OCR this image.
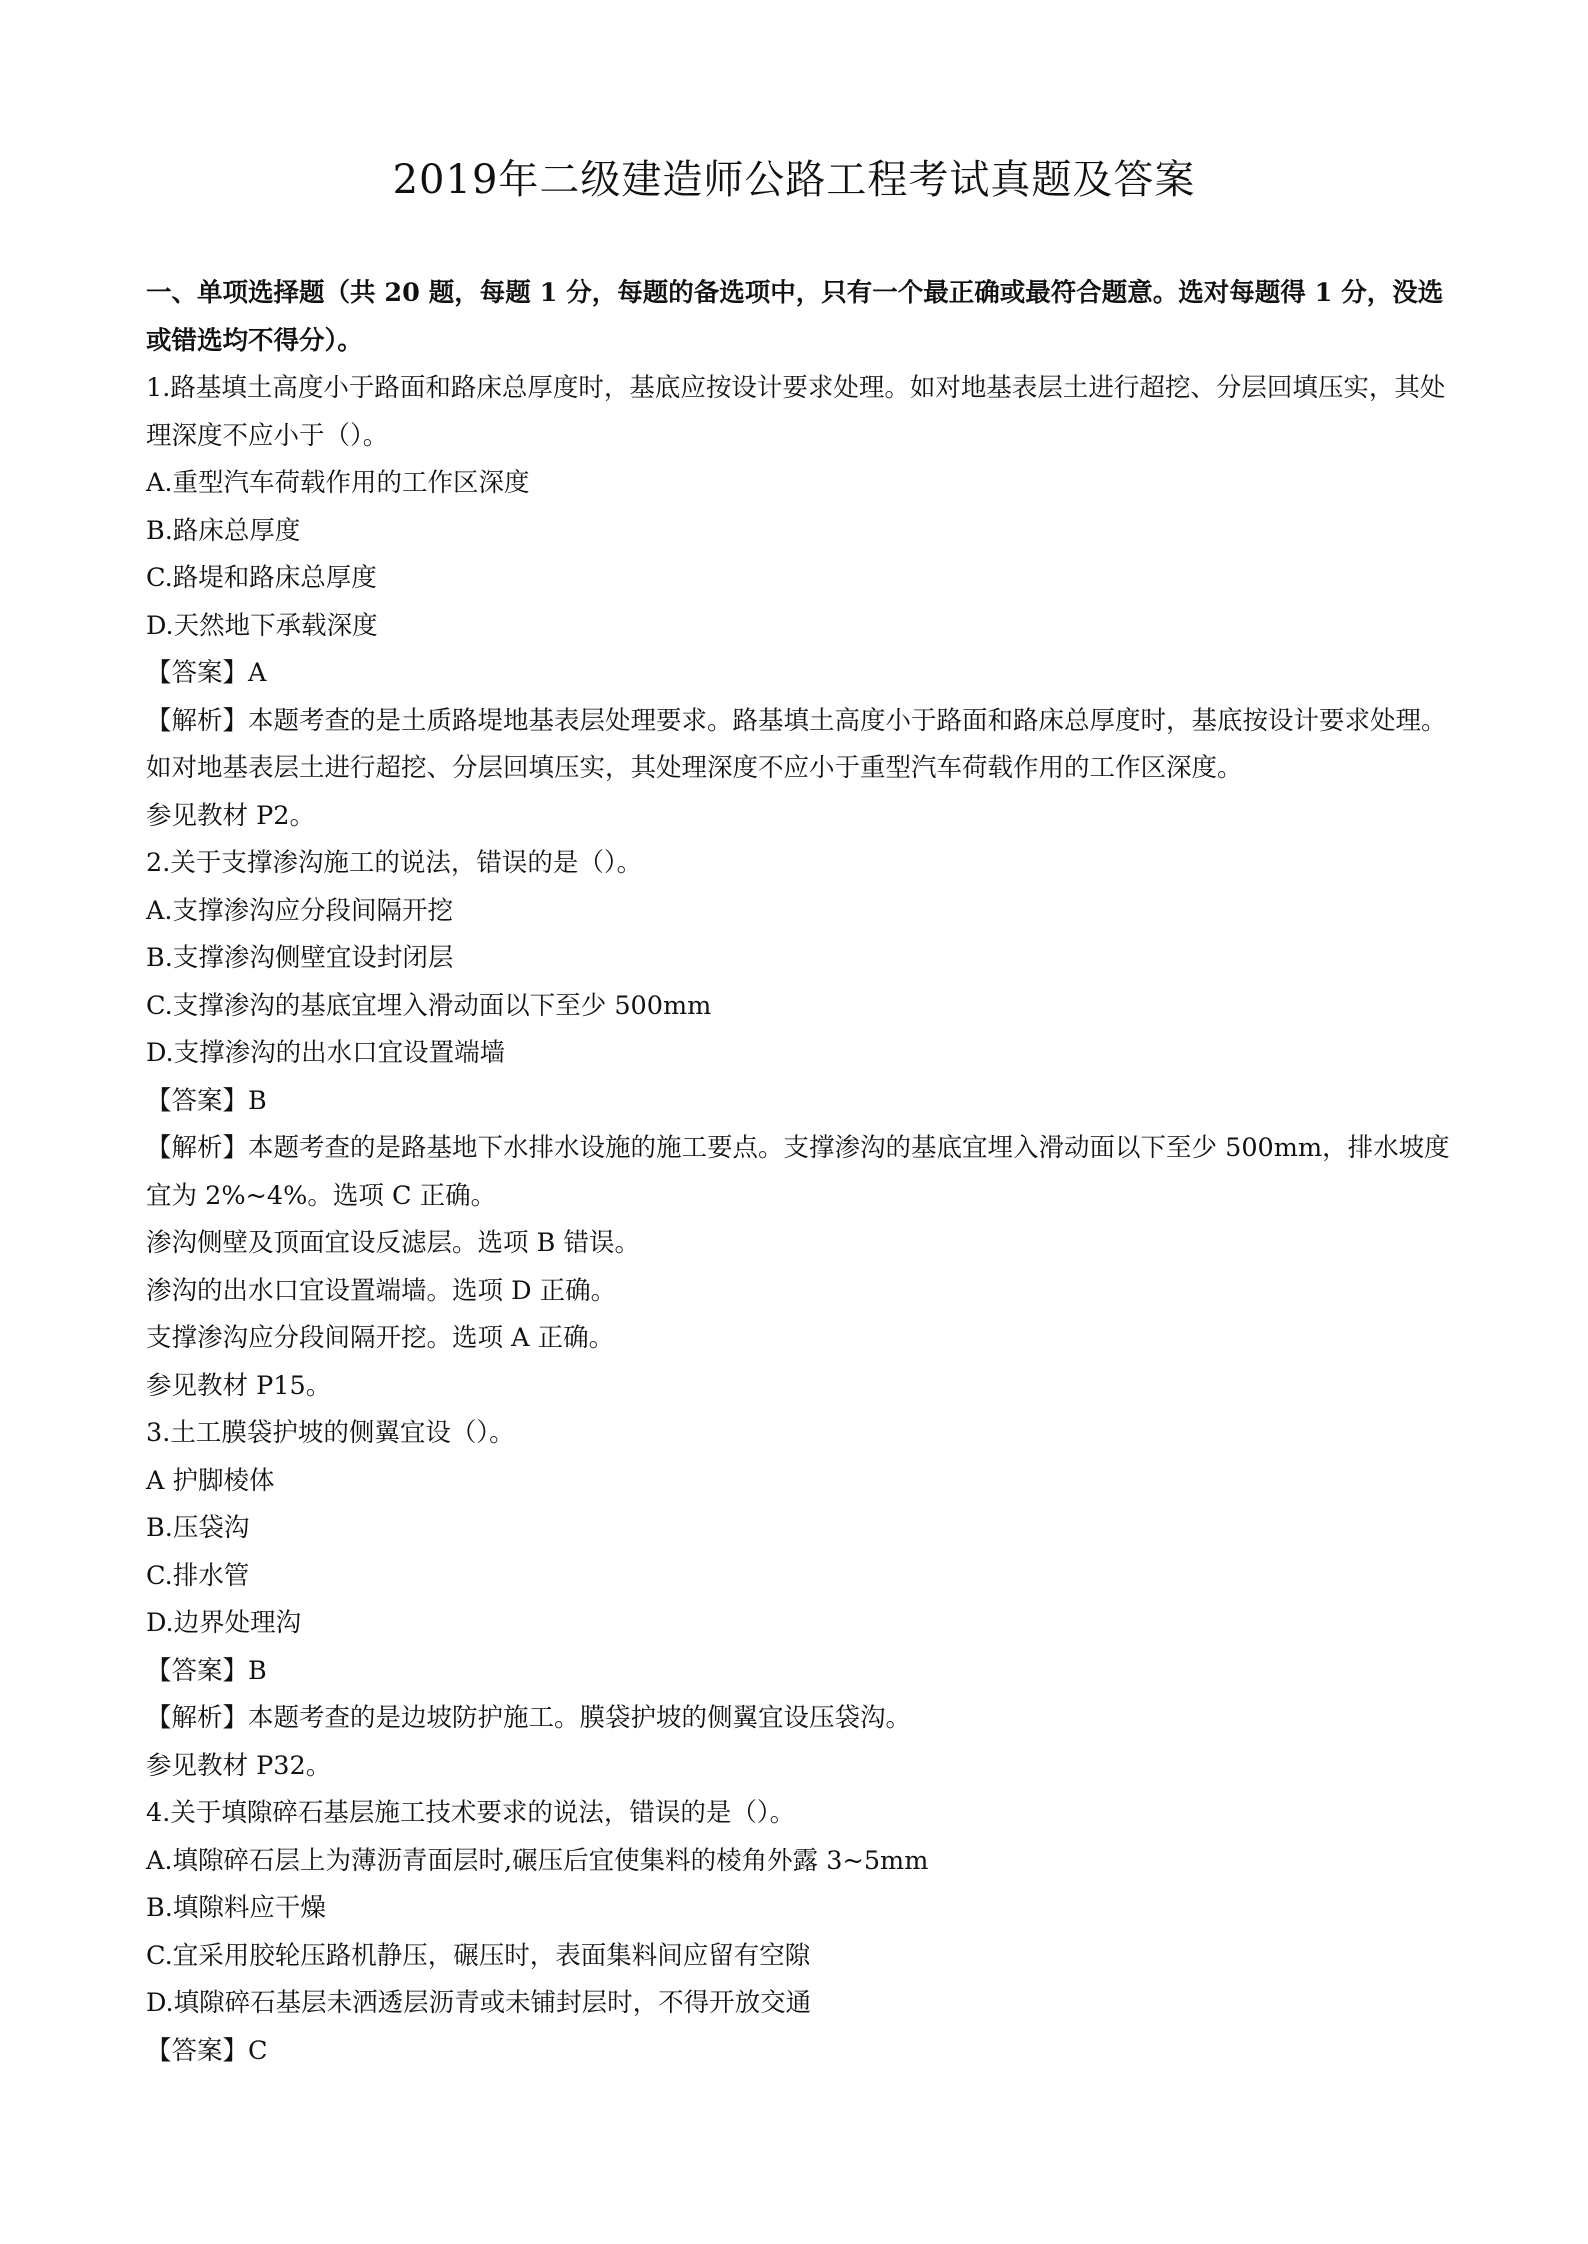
2019年二级建造师公路工程考试真题及答案

一、单项选择题（共 20 题，每题 1 分，每题的备选项中，只有一个最正确或最符合题意。选对每题得 1 分，没选或错选均不得分）。

1.路基填土高度小于路面和路床总厚度时，基底应按设计要求处理。如对地基表层土进行超挖、分层回填压实，其处理深度不应小于（）。

A.重型汽车荷载作用的工作区深度

B.路床总厚度

C.路堤和路床总厚度

D.天然地下承载深度

【答案】A

【解析】本题考查的是土质路堤地基表层处理要求。路基填土高度小于路面和路床总厚度时，基底按设计要求处理。如对地基表层土进行超挖、分层回填压实，其处理深度不应小于重型汽车荷载作用的工作区深度。

参见教材 P2。

2.关于支撑渗沟施工的说法，错误的是（）。

A.支撑渗沟应分段间隔开挖

B.支撑渗沟侧壁宜设封闭层

C.支撑渗沟的基底宜埋入滑动面以下至少 500mm

D.支撑渗沟的出水口宜设置端墙

【答案】B

【解析】本题考查的是路基地下水排水设施的施工要点。支撑渗沟的基底宜埋入滑动面以下至少 500mm，排水坡度宜为 2%~4%。选项 C 正确。

渗沟侧壁及顶面宜设反滤层。选项 B 错误。

渗沟的出水口宜设置端墙。选项 D 正确。

支撑渗沟应分段间隔开挖。选项 A 正确。

参见教材 P15。

3.土工膜袋护坡的侧翼宜设（）。

A 护脚棱体

B.压袋沟

C.排水管

D.边界处理沟

【答案】B

【解析】本题考查的是边坡防护施工。膜袋护坡的侧翼宜设压袋沟。

参见教材 P32。

4.关于填隙碎石基层施工技术要求的说法，错误的是（）。

A.填隙碎石层上为薄沥青面层时,碾压后宜使集料的棱角外露 3~5mm

B.填隙料应干燥

C.宜采用胶轮压路机静压，碾压时，表面集料间应留有空隙

D.填隙碎石基层未洒透层沥青或未铺封层时，不得开放交通

【答案】C
